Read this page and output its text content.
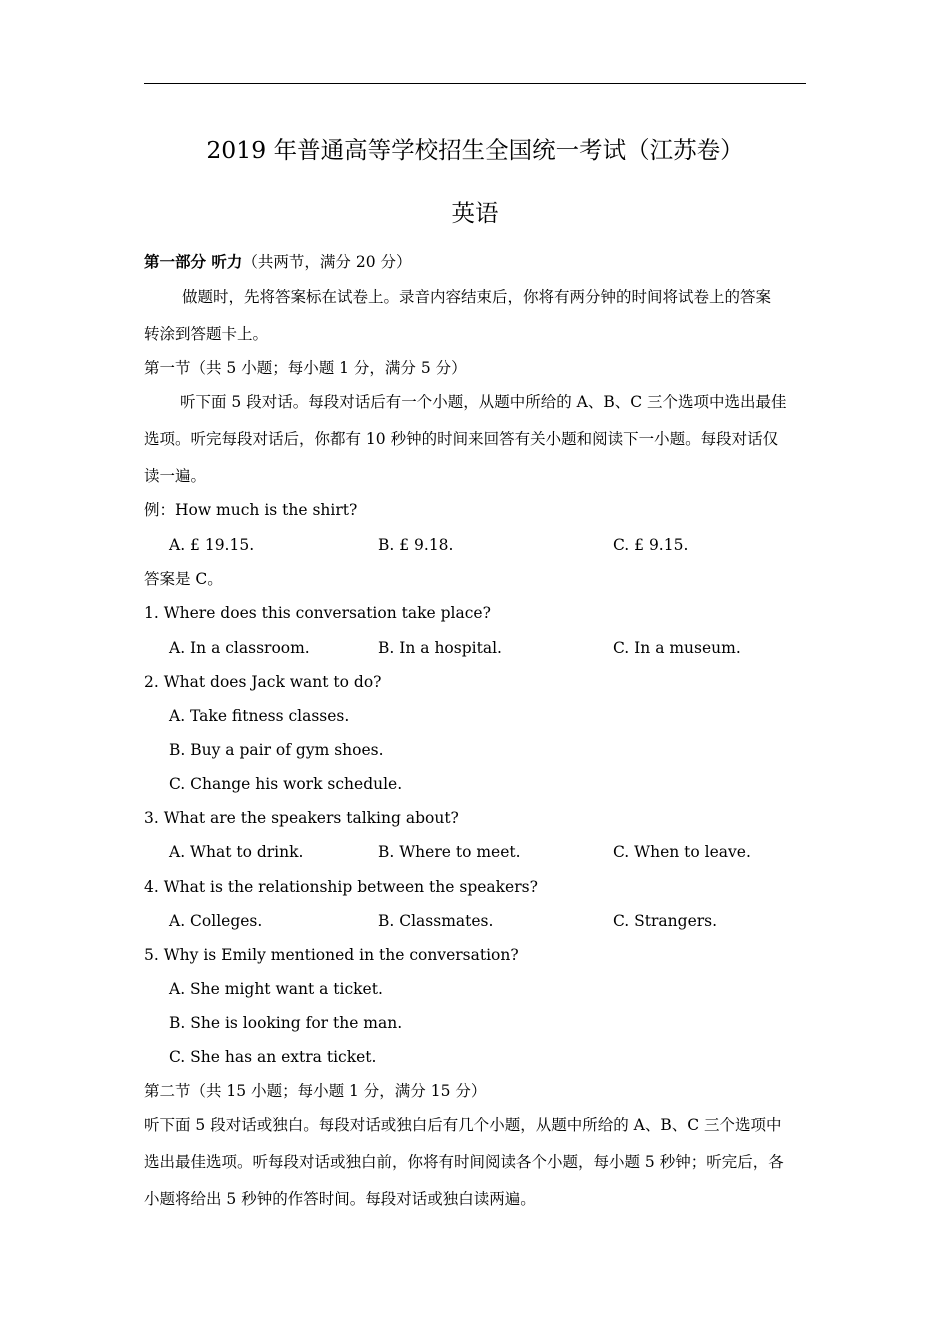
2019 年普通高等学校招生全国统一考试（江苏卷）
英语
第一部分 听力（共两节，满分 20 分）
做题时，先将答案标在试卷上。录音内容结束后，你将有两分钟的时间将试卷上的答案
转涂到答题卡上。
第一节（共 5 小题；每小题 1 分，满分 5 分）
听下面 5 段对话。每段对话后有一个小题，从题中所给的 A、B、C 三个选项中选出最佳
选项。听完每段对话后，你都有 10 秒钟的时间来回答有关小题和阅读下一小题。每段对话仅
读一遍。
例：How much is the shirt?
A. £ 19.15.	B. £ 9.18.	C. £ 9.15.
答案是 C。
1. Where does this conversation take place?
A. In a classroom.	B. In a hospital.	C. In a museum.
2. What does Jack want to do?
A. Take fitness classes.
B. Buy a pair of gym shoes.
C. Change his work schedule.
3. What are the speakers talking about?
A. What to drink.	B. Where to meet.	C. When to leave.
4. What is the relationship between the speakers?
A. Colleges.	B. Classmates.	C. Strangers.
5. Why is Emily mentioned in the conversation?
A. She might want a ticket.
B. She is looking for the man.
C. She has an extra ticket.
第二节（共 15 小题；每小题 1 分，满分 15 分）
听下面 5 段对话或独白。每段对话或独白后有几个小题，从题中所给的 A、B、C 三个选项中
选出最佳选项。听每段对话或独白前，你将有时间阅读各个小题，每小题 5 秒钟；听完后，各
小题将给出 5 秒钟的作答时间。每段对话或独白读两遍。
